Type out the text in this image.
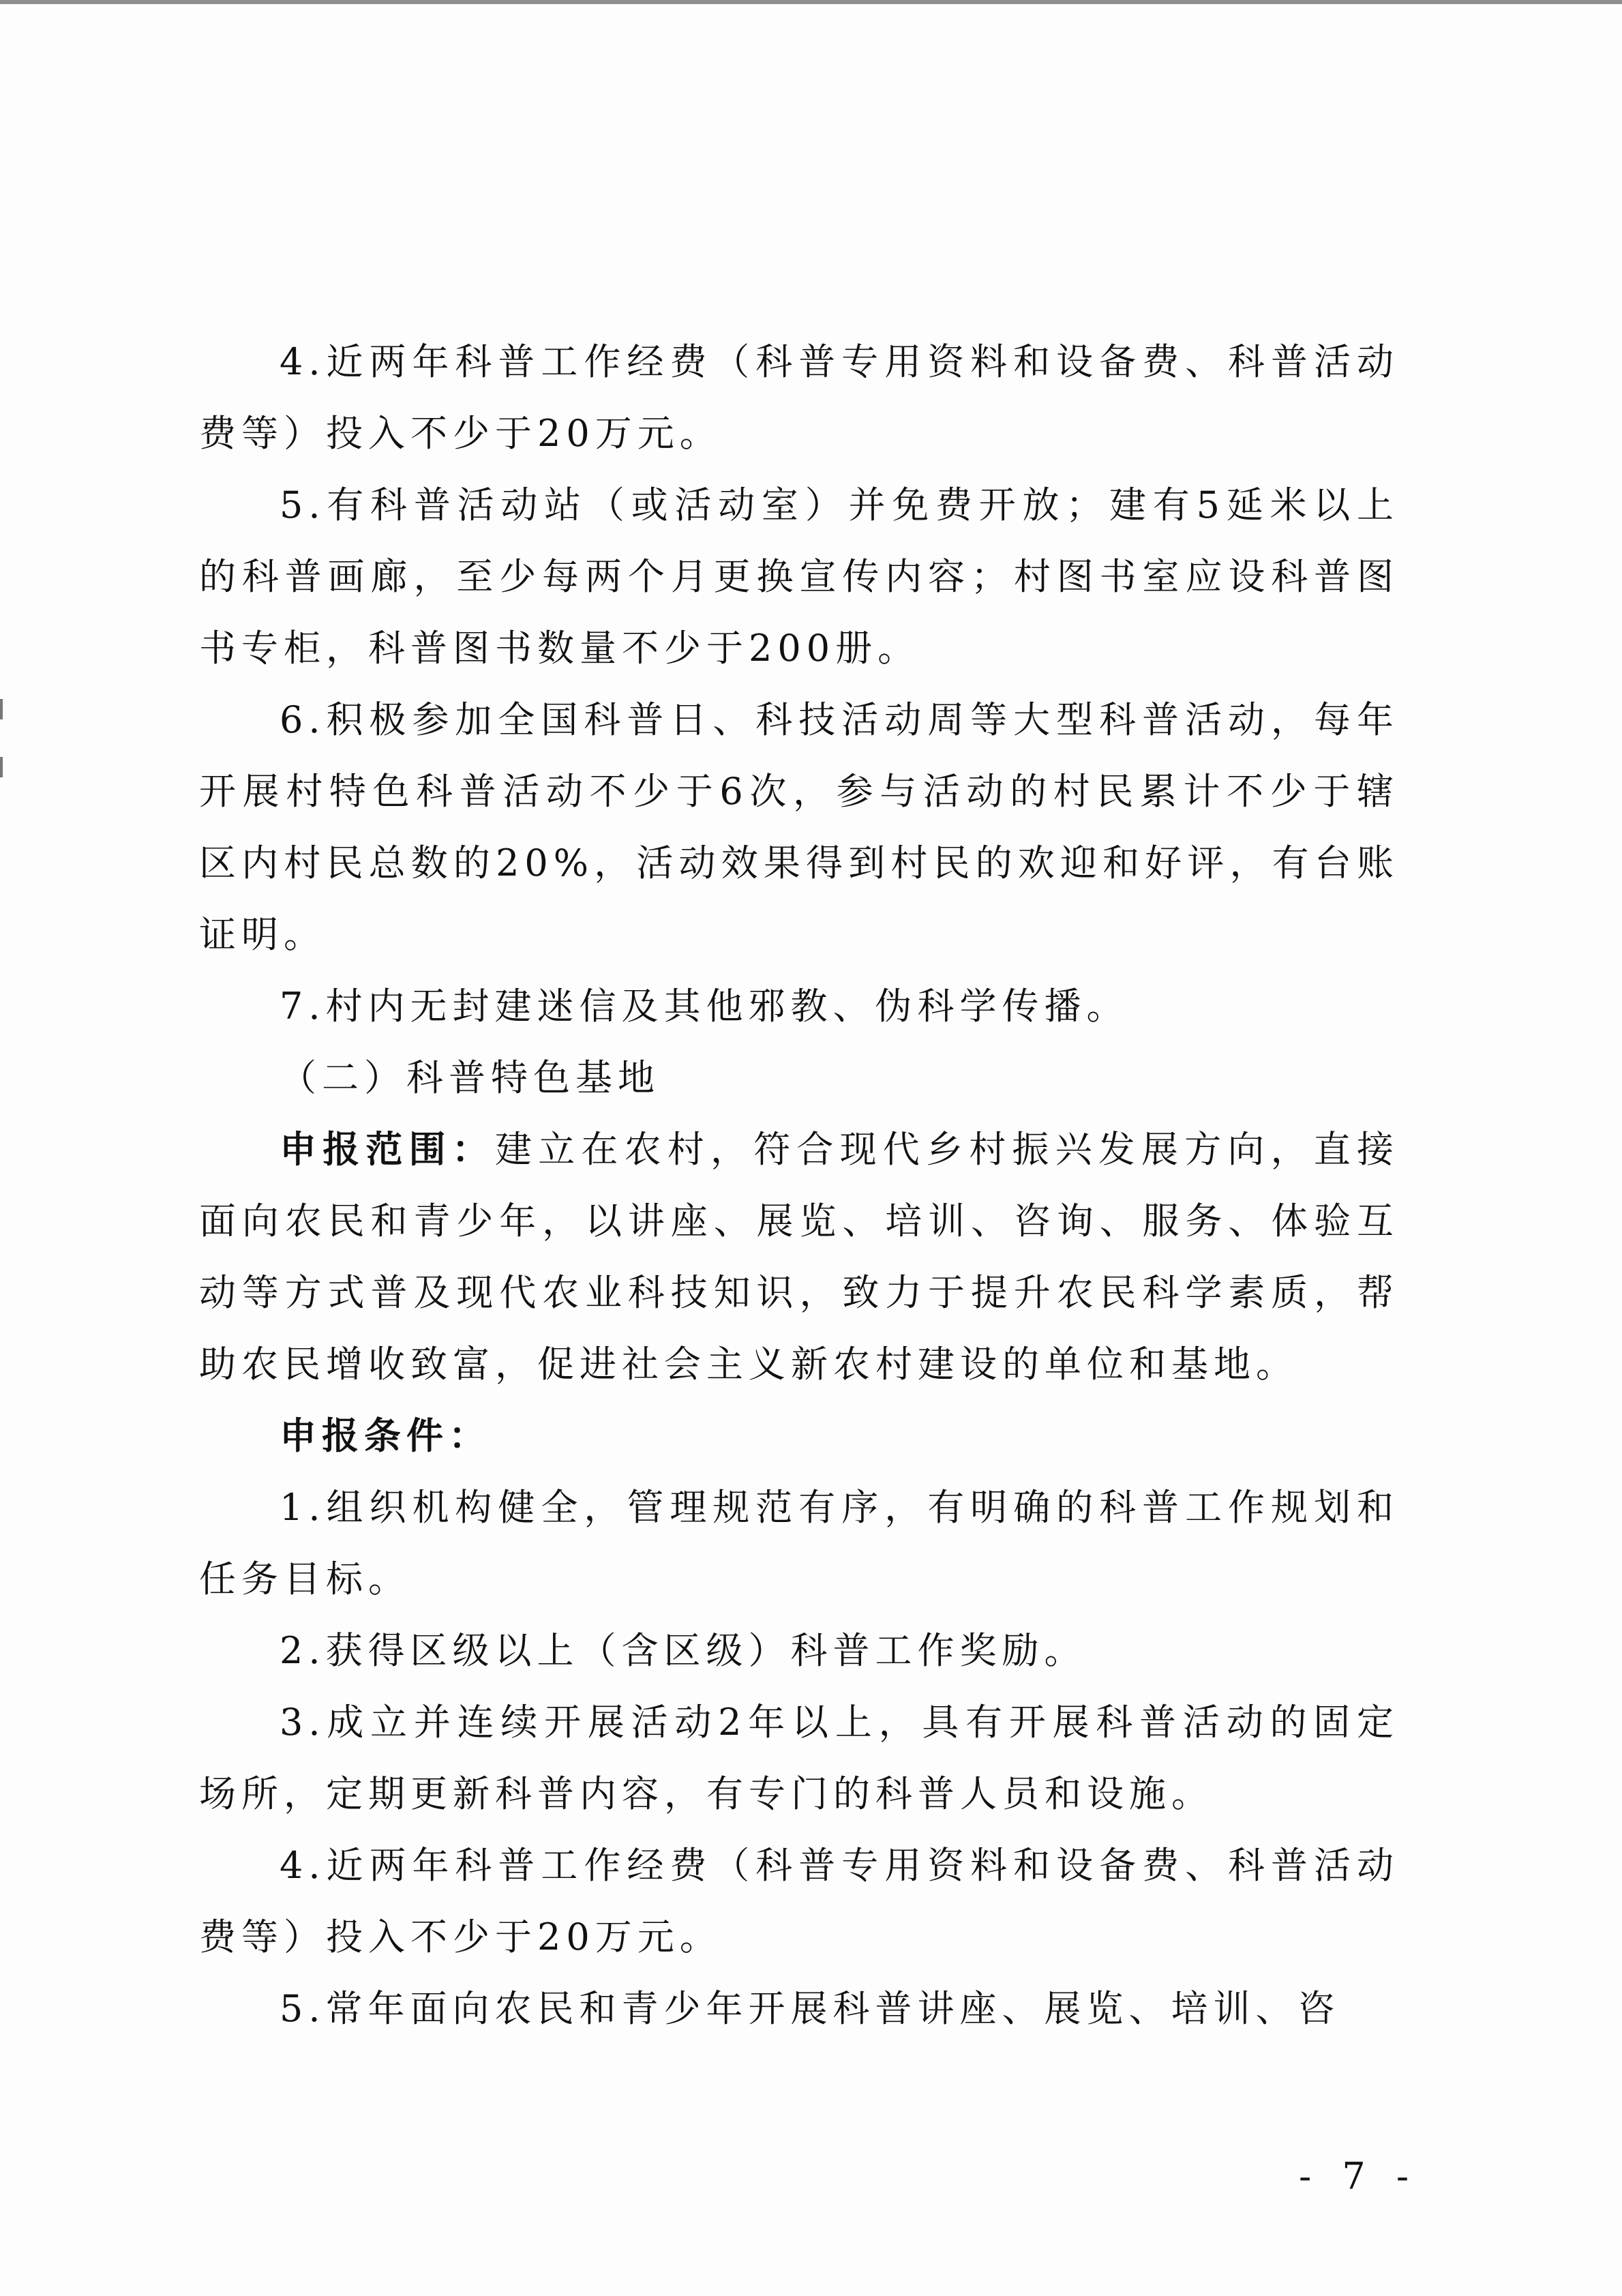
4.近两年科普工作经费（科普专用资料和设备费、科普活动费等）投入不少于20万元。

5.有科普活动站（或活动室）并免费开放；建有5延米以上的科普画廊，至少每两个月更换宣传内容；村图书室应设科普图书专柜，科普图书数量不少于200册。

6.积极参加全国科普日、科技活动周等大型科普活动，每年开展村特色科普活动不少于6次，参与活动的村民累计不少于辖区内村民总数的20%，活动效果得到村民的欢迎和好评，有台账证明。

7.村内无封建迷信及其他邪教、伪科学传播。

（二）科普特色基地

申报范围：建立在农村，符合现代乡村振兴发展方向，直接面向农民和青少年，以讲座、展览、培训、咨询、服务、体验互动等方式普及现代农业科技知识，致力于提升农民科学素质，帮助农民增收致富，促进社会主义新农村建设的单位和基地。

申报条件：

1.组织机构健全，管理规范有序，有明确的科普工作规划和任务目标。

2.获得区级以上（含区级）科普工作奖励。

3.成立并连续开展活动2年以上，具有开展科普活动的固定场所，定期更新科普内容，有专门的科普人员和设施。

4.近两年科普工作经费（科普专用资料和设备费、科普活动费等）投入不少于20万元。

5.常年面向农民和青少年开展科普讲座、展览、培训、咨

- 7 -
